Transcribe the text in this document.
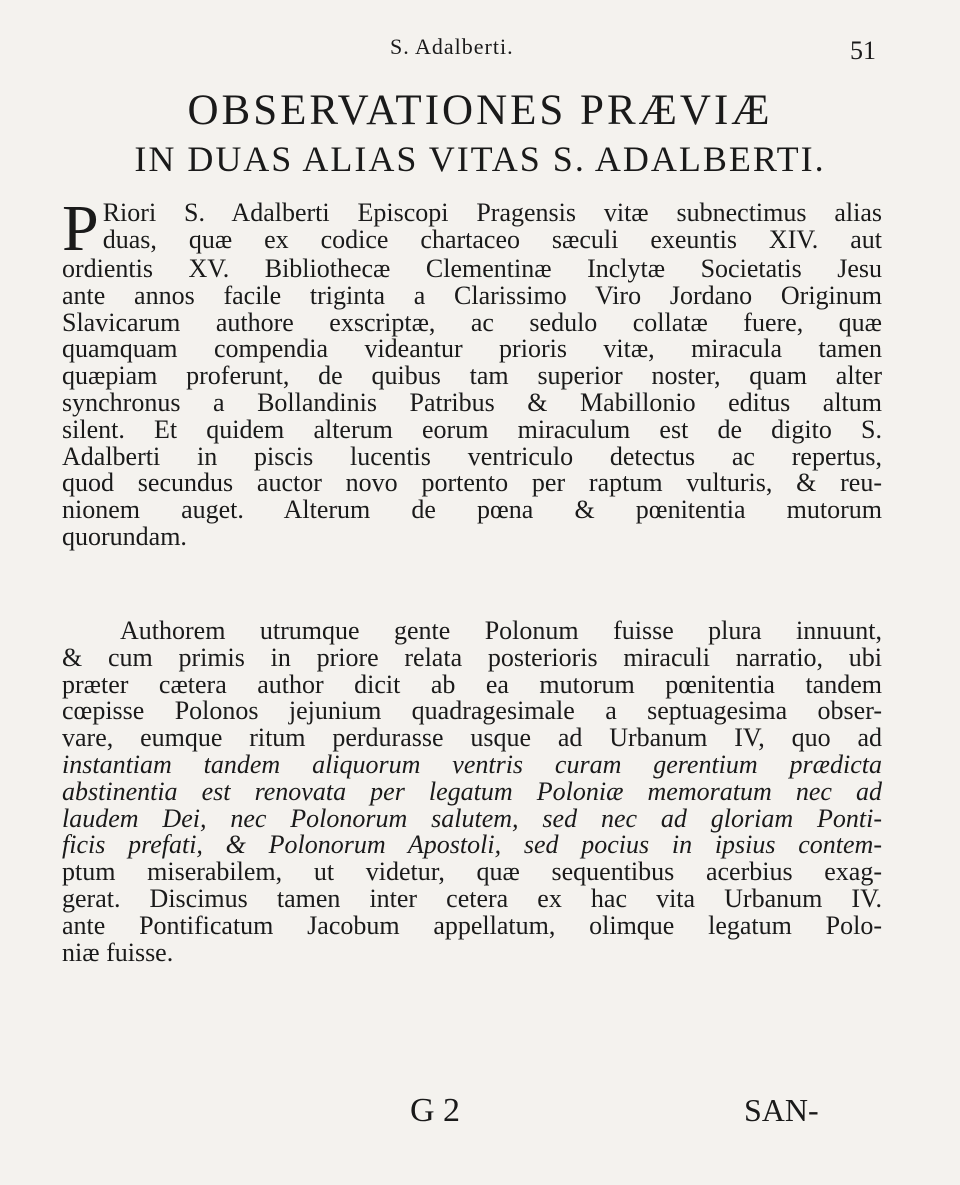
S. Adalberti.	51
OBSERVATIONES PRÆVIÆ
IN DUAS ALIAS VITAS S. ADALBERTI.
P Riori S. Adalberti Episcopi Pragensis vitæ subnectimus alias
duas, quæ ex codice chartaceo sæculi exeuntis XIV. aut
ordientis XV. Bibliothecæ Clementinæ Inclytæ Societatis Jesu
ante annos facile triginta a Clarissimo Viro Jordano Originum
Slavicarum authore exscriptæ, ac sedulo collatæ fuere, quæ
quamquam compendia videantur prioris vitæ, miracula tamen
quæpiam proferunt, de quibus tam superior noster, quam alter
synchronus a Bollandinis Patribus & Mabillonio editus altum
silent. Et quidem alterum eorum miraculum est de digito S.
Adalberti in piscis lucentis ventriculo detectus ac repertus,
quod secundus auctor novo portento per raptum vulturis, & reu-
nionem auget. Alterum de pœna & pœnitentia mutorum
quorundam.
Authorem utrumque gente Polonum fuisse plura innuunt,
& cum primis in priore relata posterioris miraculi narratio, ubi
præter cætera author dicit ab ea mutorum pœnitentia tandem
cœpisse Polonos jejunium quadragesimale a septuagesima obser-
vare, eumque ritum perdurasse usque ad Urbanum IV, quo ad
instantiam tandem aliquorum ventris curam gerentium prædicta
abstinentia est renovata per legatum Poloniæ memoratum nec ad
laudem Dei, nec Polonorum salutem, sed nec ad gloriam Ponti-
ficis prefati, & Polonorum Apostoli, sed pocius in ipsius contem-
ptum miserabilem, ut videtur, quæ sequentibus acerbius exag-
gerat. Discimus tamen inter cetera ex hac vita Urbanum IV.
ante Pontificatum Jacobum appellatum, olimque legatum Polo-
niæ fuisse.
G 2	SAN-
